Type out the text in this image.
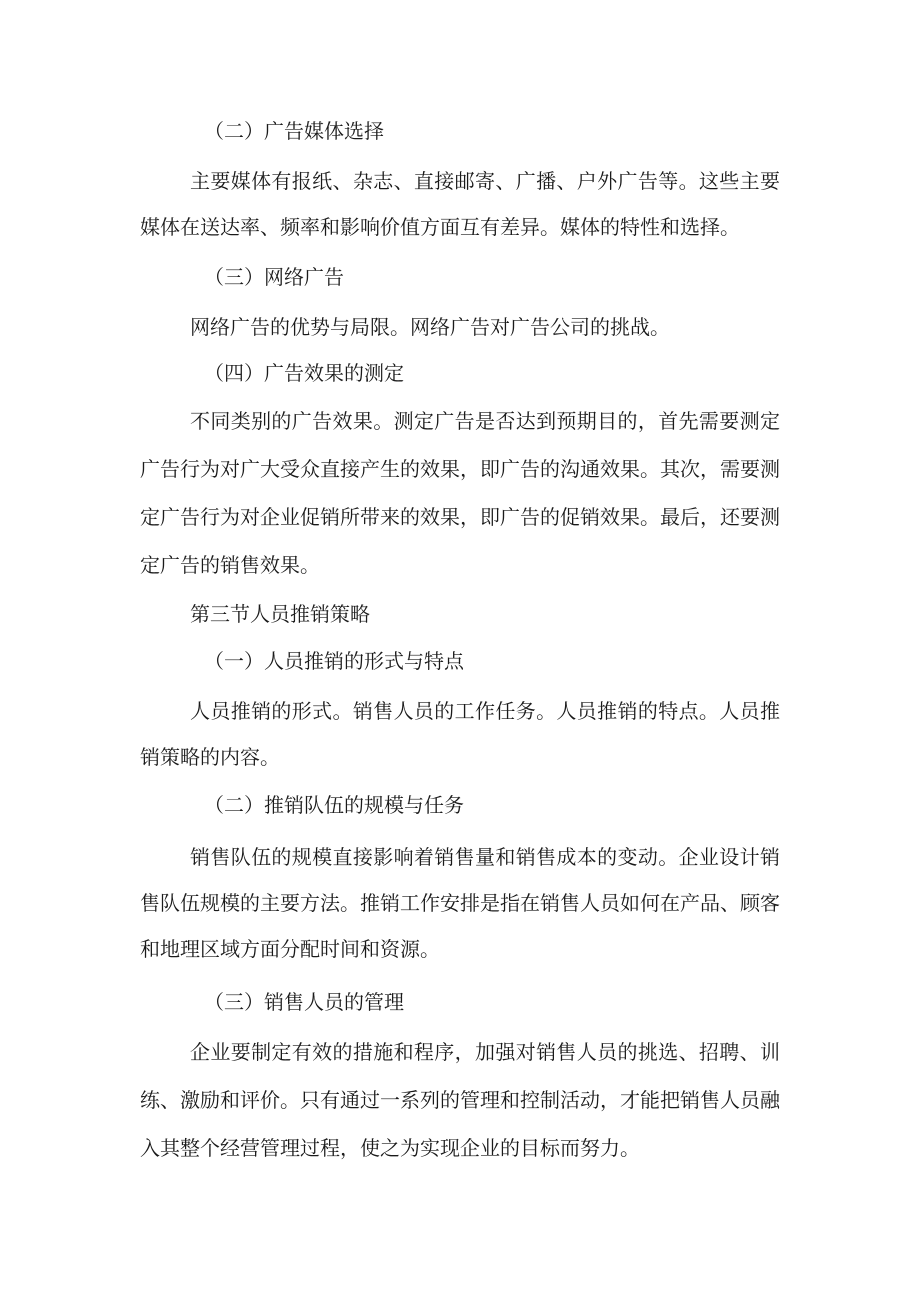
（二）广告媒体选择
主要媒体有报纸、杂志、直接邮寄、广播、户外广告等。这些主要
媒体在送达率、频率和影响价值方面互有差异。媒体的特性和选择。
（三）网络广告
网络广告的优势与局限。网络广告对广告公司的挑战。
（四）广告效果的测定
不同类别的广告效果。测定广告是否达到预期目的，首先需要测定
广告行为对广大受众直接产生的效果，即广告的沟通效果。其次，需要测
定广告行为对企业促销所带来的效果，即广告的促销效果。最后，还要测
定广告的销售效果。
第三节人员推销策略
（一）人员推销的形式与特点
人员推销的形式。销售人员的工作任务。人员推销的特点。人员推
销策略的内容。
（二）推销队伍的规模与任务
销售队伍的规模直接影响着销售量和销售成本的变动。企业设计销
售队伍规模的主要方法。推销工作安排是指在销售人员如何在产品、顾客
和地理区域方面分配时间和资源。
（三）销售人员的管理
企业要制定有效的措施和程序，加强对销售人员的挑选、招聘、训
练、激励和评价。只有通过一系列的管理和控制活动，才能把销售人员融
入其整个经营管理过程，使之为实现企业的目标而努力。
